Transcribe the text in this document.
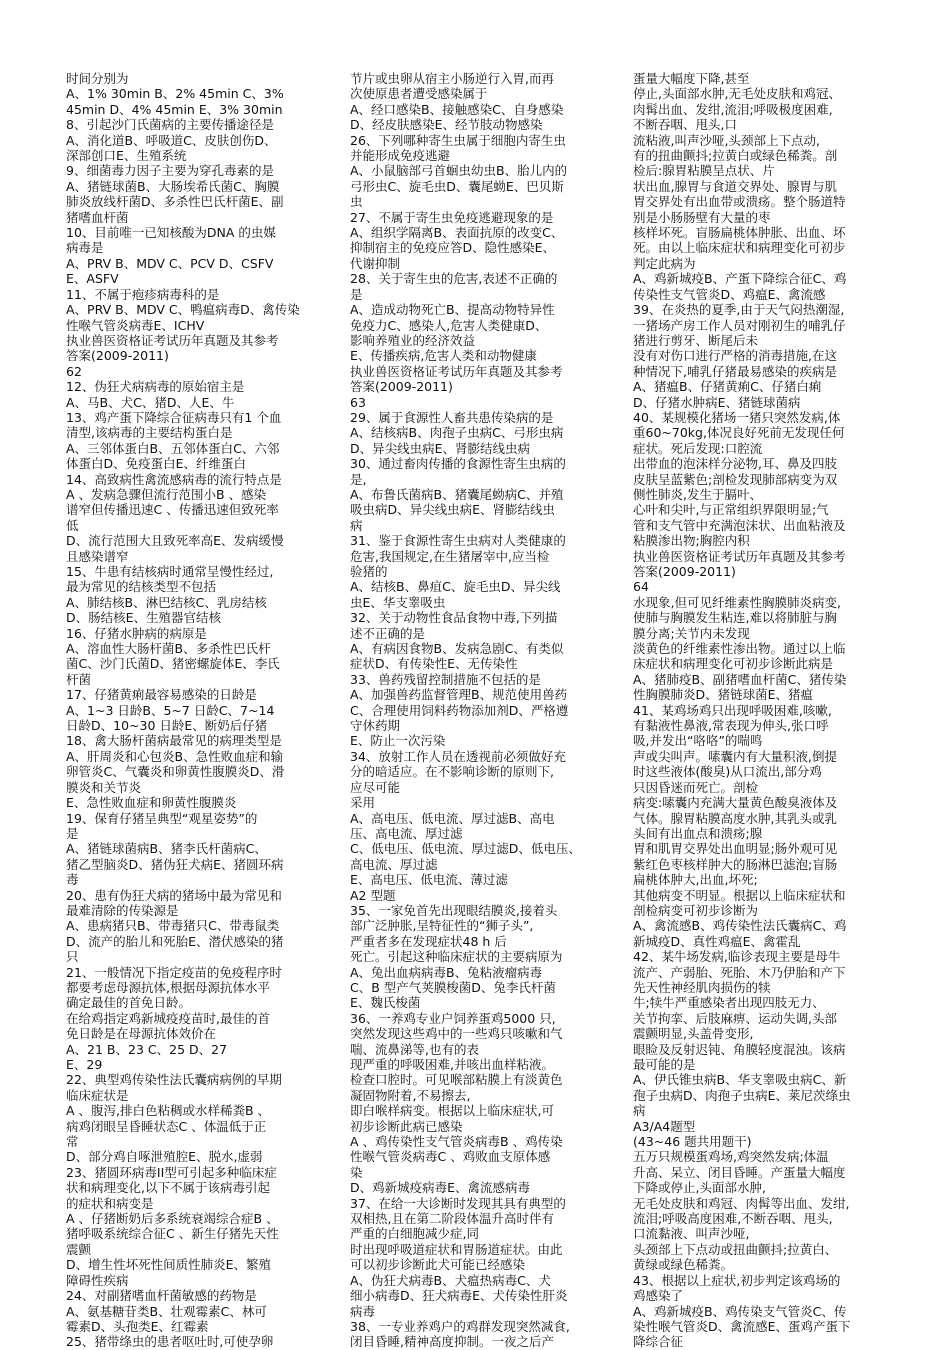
时间分别为
A、1% 30min B、2% 45min C、3%
45min D、4% 45min E、3% 30min
8、引起沙门氏菌病的主要传播途径是
A、消化道B、呼吸道C、皮肤创伤D、
深部创口E、生殖系统
9、细菌毒力因子主要为穿孔毒素的是
A、猪链球菌B、大肠埃希氏菌C、胸膜
肺炎放线杆菌D、多杀性巴氏杆菌E、副
猪嗜血杆菌
10、目前唯一已知核酸为DNA 的虫媒
病毒是
A、PRV B、MDV C、PCV D、CSFV
E、ASFV
11、不属于疱疹病毒科的是
A、PRV B、MDV C、鸭瘟病毒D、禽传染
性喉气管炎病毒E、ICHV
执业兽医资格证考试历年真题及其参考
答案(2009-2011)
62
12、伪狂犬病病毒的原始宿主是
A、马B、犬C、猪D、人E、牛
13、鸡产蛋下降综合征病毒只有1 个血
清型,该病毒的主要结构蛋白是
A、三邻体蛋白B、五邻体蛋白C、六邻
体蛋白D、免疫蛋白E、纤维蛋白
14、高致病性禽流感病毒的流行特点是
A 、发病急骤但流行范围小B 、感染
谱窄但传播迅速C 、传播迅速但致死率
低
D、流行范围大且致死率高E、发病缓慢
且感染谱窄
15、牛患有结核病时通常呈慢性经过,
最为常见的结核类型不包括
A、肺结核B、淋巴结核C、乳房结核
D、肠结核E、生殖器官结核
16、仔猪水肿病的病原是
A、溶血性大肠杆菌B、多杀性巴氏杆
菌C、沙门氏菌D、猪密螺旋体E、李氏
杆菌
17、仔猪黄痢最容易感染的日龄是
A、1~3 日龄B、5~7 日龄C、7~14
日龄D、10~30 日龄E、断奶后仔猪
18、禽大肠杆菌病最常见的病理类型是
A、肝周炎和心包炎B、急性败血症和输
卵管炎C、气囊炎和卵黄性腹膜炎D、滑
膜炎和关节炎
E、急性败血症和卵黄性腹膜炎
19、保育仔猪呈典型“观星姿势”的
是
A、猪链球菌病B、猪李氏杆菌病C、
猪乙型脑炎D、猪伪狂犬病E、猪圆环病
毒
20、患有伪狂犬病的猪场中最为常见和
最难清除的传染源是
A、患病猪只B、带毒猪只C、带毒鼠类
D、流产的胎儿和死胎E、潜伏感染的猪
只
21、一般情况下指定疫苗的免疫程序时
都要考虑母源抗体,根据母源抗体水平
确定最佳的首免日龄。
在给鸡指定鸡新城疫疫苗时,最佳的首
免日龄是在母源抗体效价在
A、21 B、23 C、25 D、27
E、29
22、典型鸡传染性法氏囊病病例的早期
临床症状是
A 、腹泻,排白色粘稠或水样稀粪B 、
病鸡闭眼呈昏睡状态C 、体温低于正
常
D、部分鸡自啄泄殖腔E、脱水,虚弱
23、猪圆环病毒II型可引起多种临床症
状和病理变化,以下不属于该病毒引起
的症状和病变是
A 、仔猪断奶后多系统衰竭综合症B 、
猪呼吸系统综合征C 、新生仔猪先天性
震颤
D、增生性坏死性间质性肺炎E、繁殖
障碍性疾病
24、对副猪嗜血杆菌敏感的药物是
A、氨基糖苷类B、壮观霉素C、林可
霉素D、头孢类E、红霉素
25、猪带绦虫的患者呕吐时,可使孕卵
节片或虫卵从宿主小肠逆行入胃,而再
次使原患者遭受感染属于
A、经口感染B、接触感染C、自身感染
D、经皮肤感染E、经节肢动物感染
26、下列哪种寄生虫属于细胞内寄生虫
并能形成免疫逃避
A、小鼠脑部弓首蛔虫幼虫B、胎儿内的
弓形虫C、旋毛虫D、囊尾蚴E、巴贝斯
虫
27、不属于寄生虫免疫逃避现象的是
A、组织学隔离B、表面抗原的改变C、
抑制宿主的免疫应答D、隐性感染E、
代谢抑制
28、关于寄生虫的危害,表述不正确的
是
A、造成动物死亡B、提高动物特异性
免疫力C、感染人,危害人类健康D、
影响养殖业的经济效益
E、传播疾病,危害人类和动物健康
执业兽医资格证考试历年真题及其参考
答案(2009-2011)
63
29、属于食源性人畜共患传染病的是
A、结核病B、肉孢子虫病C、弓形虫病
D、异尖线虫病E、肾膨结线虫病
30、通过畜肉传播的食源性寄生虫病的
是,
A、布鲁氏菌病B、猪囊尾蚴病C、并殖
吸虫病D、异尖线虫病E、肾膨结线虫
病
31、鉴于食源性寄生虫病对人类健康的
危害,我国规定,在生猪屠宰中,应当检
验猪的
A、结核B、鼻疽C、旋毛虫D、异尖线
虫E、华支睾吸虫
32、关于动物性食品食物中毒,下列描
述不正确的是
A、有病因食物B、发病急剧C、有类似
症状D、有传染性E、无传染性
33、兽药残留控制措施不包括的是
A、加强兽药监督管理B、规范使用兽药
C、合理使用饲料药物添加剂D、严格遵
守休药期
E、防止一次污染
34、放射工作人员在透视前必须做好充
分的暗适应。在不影响诊断的原则下,
应尽可能
采用
A、高电压、低电流、厚过滤B、高电
压、高电流、厚过滤
C、低电压、低电流、厚过滤D、低电压、
高电流、厚过滤
E、高电压、低电流、薄过滤
A2 型题
35、一家免首先出现眼结膜炎,接着头
部广泛肿胀,呈特征性的“狮子头”,
严重者多在发现症状48 h 后
死亡。引起这种临床症状的主要病原为
A、兔出血病病毒B、兔粘液瘤病毒
C、B 型产气荚膜梭菌D、兔李氏杆菌
E、魏氏梭菌
36、一养鸡专业户饲养蛋鸡5000 只,
突然发现这些鸡中的一些鸡只咳嗽和气
喘、流鼻涕等,也有的表
现严重的呼吸困难,并咳出血样粘液。
检查口腔时。可见喉部粘膜上有淡黄色
凝固物附着,不易擦去,
即白喉样病变。根据以上临床症状,可
初步诊断此病已感染
A 、鸡传染性支气管炎病毒B 、鸡传染
性喉气管炎病毒C 、鸡败血支原体感
染
D、鸡新城疫病毒E、禽流感病毒
37、在给一大诊断时发现其具有典型的
双相热,且在第二阶段体温升高时伴有
严重的白细胞减少症,同
时出现呼吸道症状和胃肠道症状。由此
可以初步诊断此犬可能已经感染
A、伪狂犬病毒B、犬瘟热病毒C、犬
细小病毒D、狂犬病毒E、犬传染性肝炎
病毒
38、一专业养鸡户的鸡群发现突然减食,
闭目昏睡,精神高度抑制。一夜之后产
蛋量大幅度下降,甚至
停止,头面部水肿,无毛处皮肤和鸡冠、
肉髯出血、发绀,流泪;呼吸极度困难,
不断吞咽、甩头,口
流粘液,叫声沙哑,头颈部上下点动,
有的扭曲颤抖;拉黄白或绿色稀粪。剖
检后:腺胃粘膜呈点状、片
状出血,腺胃与食道交界处、腺胃与肌
胃交界处有出血带或溃疡。整个肠道特
别是小肠肠壁有大量的枣
核样坏死。盲肠扁桃体肿胀、出血、坏
死。由以上临床症状和病理变化可初步
判定此病为
A、鸡新城疫B、产蛋下降综合征C、鸡
传染性支气管炎D、鸡瘟E、禽流感
39、在炎热的夏季,由于天气闷热潮湿,
一猪场产房工作人员对刚初生的哺乳仔
猪进行剪牙、断尾后未
没有对伤口进行严格的消毒措施,在这
种情况下,哺乳仔猪最易感染的疾病是
A、猪瘟B、仔猪黄痢C、仔猪白痢
D、仔猪水肿病E、猪链球菌病
40、某规模化猪场一猪只突然发病,体
重60~70kg,体况良好死前无发现任何
症状。死后发现:口腔流
出带血的泡沫样分泌物,耳、鼻及四肢
皮肤呈蓝紫色;剖检发现肺部病变为双
侧性肺炎,发生于膈叶、
心叶和尖叶,与正常组织界限明显;气
管和支气管中充满泡沫状、出血粘液及
粘膜渗出物;胸腔内积
执业兽医资格证考试历年真题及其参考
答案(2009-2011)
64
水现象,但可见纤维素性胸膜肺炎病变,
使肺与胸膜发生粘连,难以将肺脏与胸
膜分离;关节内未发现
淡黄色的纤维素性渗出物。通过以上临
床症状和病理变化可初步诊断此病是
A、猪肺疫B、副猪嗜血杆菌C、猪传染
性胸膜肺炎D、猪链球菌E、猪瘟
41、某鸡场鸡只出现呼吸困难,咳嗽,
有黏液性鼻液,常表现为伸头,张口呼
吸,并发出“咯咯”的喘鸣
声或尖叫声。嗉囊内有大量积液,倒提
时这些液体(酸臭)从口流出,部分鸡
只因昏迷而死亡。剖检
病变:嗉囊内充满大量黄色酸臭液体及
气体。腺胃粘膜高度水肿,其乳头或乳
头间有出血点和溃疡;腺
胃和肌胃交界处出血明显;肠外观可见
紫红色枣核样肿大的肠淋巴滤泡;盲肠
扁桃体肿大,出血,坏死;
其他病变不明显。根据以上临床症状和
剖检病变可初步诊断为
A、禽流感B、鸡传染性法氏囊病C、鸡
新城疫D、真性鸡瘟E、禽霍乱
42、某牛场发病,临诊表现主要是母牛
流产、产弱胎、死胎、木乃伊胎和产下
先天性神经肌肉损伤的犊
牛;犊牛严重感染者出现四肢无力、
关节拘挛、后肢麻痹、运动失调,头部
震颤明显,头盖骨变形,
眼睑及反射迟钝、角膜轻度混浊。该病
最可能的是
A、伊氏锥虫病B、华支睾吸虫病C、新
孢子虫病D、肉孢子虫病E、莱尼茨绦虫
病
A3/A4题型
(43~46 题共用题干)
五万只规模蛋鸡场,鸡突然发病;体温
升高、呆立、闭目昏睡。产蛋量大幅度
下降或停止,头面部水肿,
无毛处皮肤和鸡冠、肉髯等出血、发绀,
流泪;呼吸高度困难,不断吞咽、甩头,
口流黏液、叫声沙哑,
头颈部上下点动或扭曲颤抖;拉黄白、
黄绿或绿色稀粪。
43、根据以上症状,初步判定该鸡场的
鸡感染了
A、鸡新城疫B、鸡传染支气管炎C、传
染性喉气管炎D、禽流感E、蛋鸡产蛋下
降综合征
